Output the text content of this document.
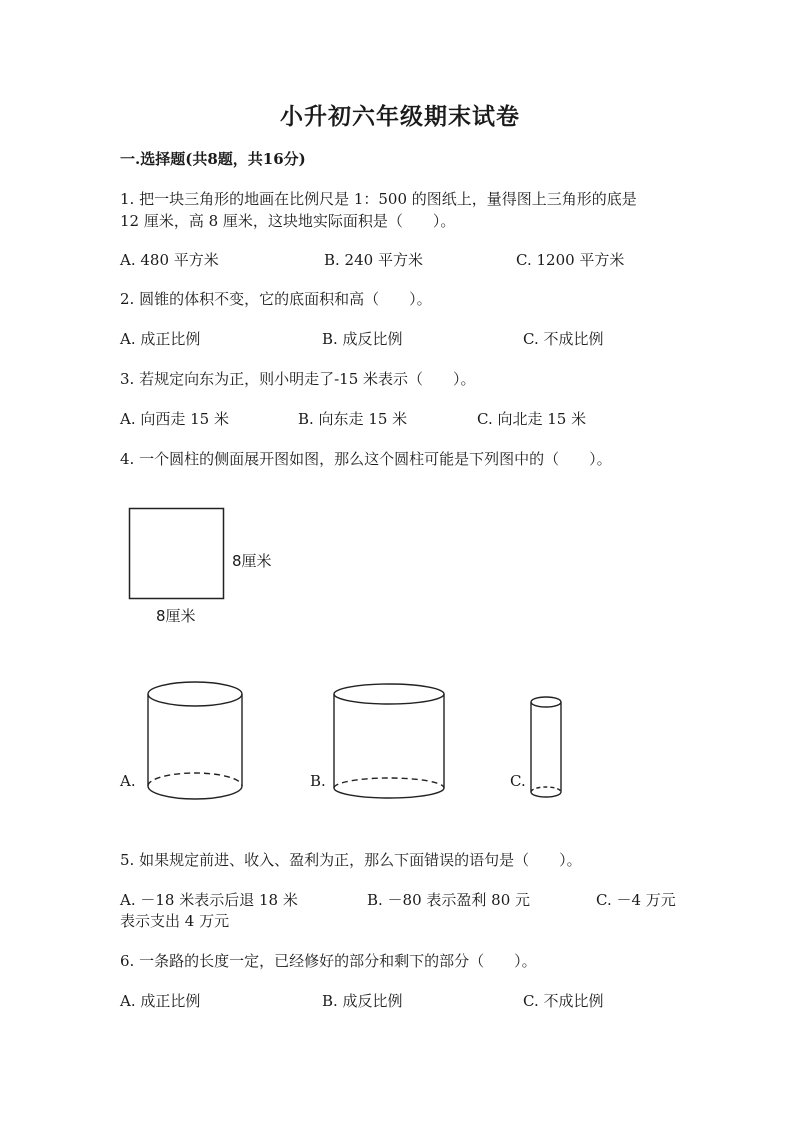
小升初六年级期末试卷
一.选择题(共8题，共16分)
1. 把一块三角形的地画在比例尺是 1：500 的图纸上，量得图上三角形的底是
12 厘米，高 8 厘米，这块地实际面积是（　　）。
A. 480 平方米	B. 240 平方米	C. 1200 平方米
2. 圆锥的体积不变，它的底面积和高（　　）。
A. 成正比例	B. 成反比例	C. 不成比例
3. 若规定向东为正，则小明走了-15 米表示（　　）。
A. 向西走 15 米	B. 向东走 15 米	C. 向北走 15 米
4. 一个圆柱的侧面展开图如图，那么这个圆柱可能是下列图中的（　　）。
8厘米
8厘米
A.	B.	C.
5. 如果规定前进、收入、盈利为正，那么下面错误的语句是（　　）。
A. －18 米表示后退 18 米	B. －80 表示盈利 80 元	C. －4 万元
表示支出 4 万元
6. 一条路的长度一定，已经修好的部分和剩下的部分（　　）。
A. 成正比例	B. 成反比例	C. 不成比例
